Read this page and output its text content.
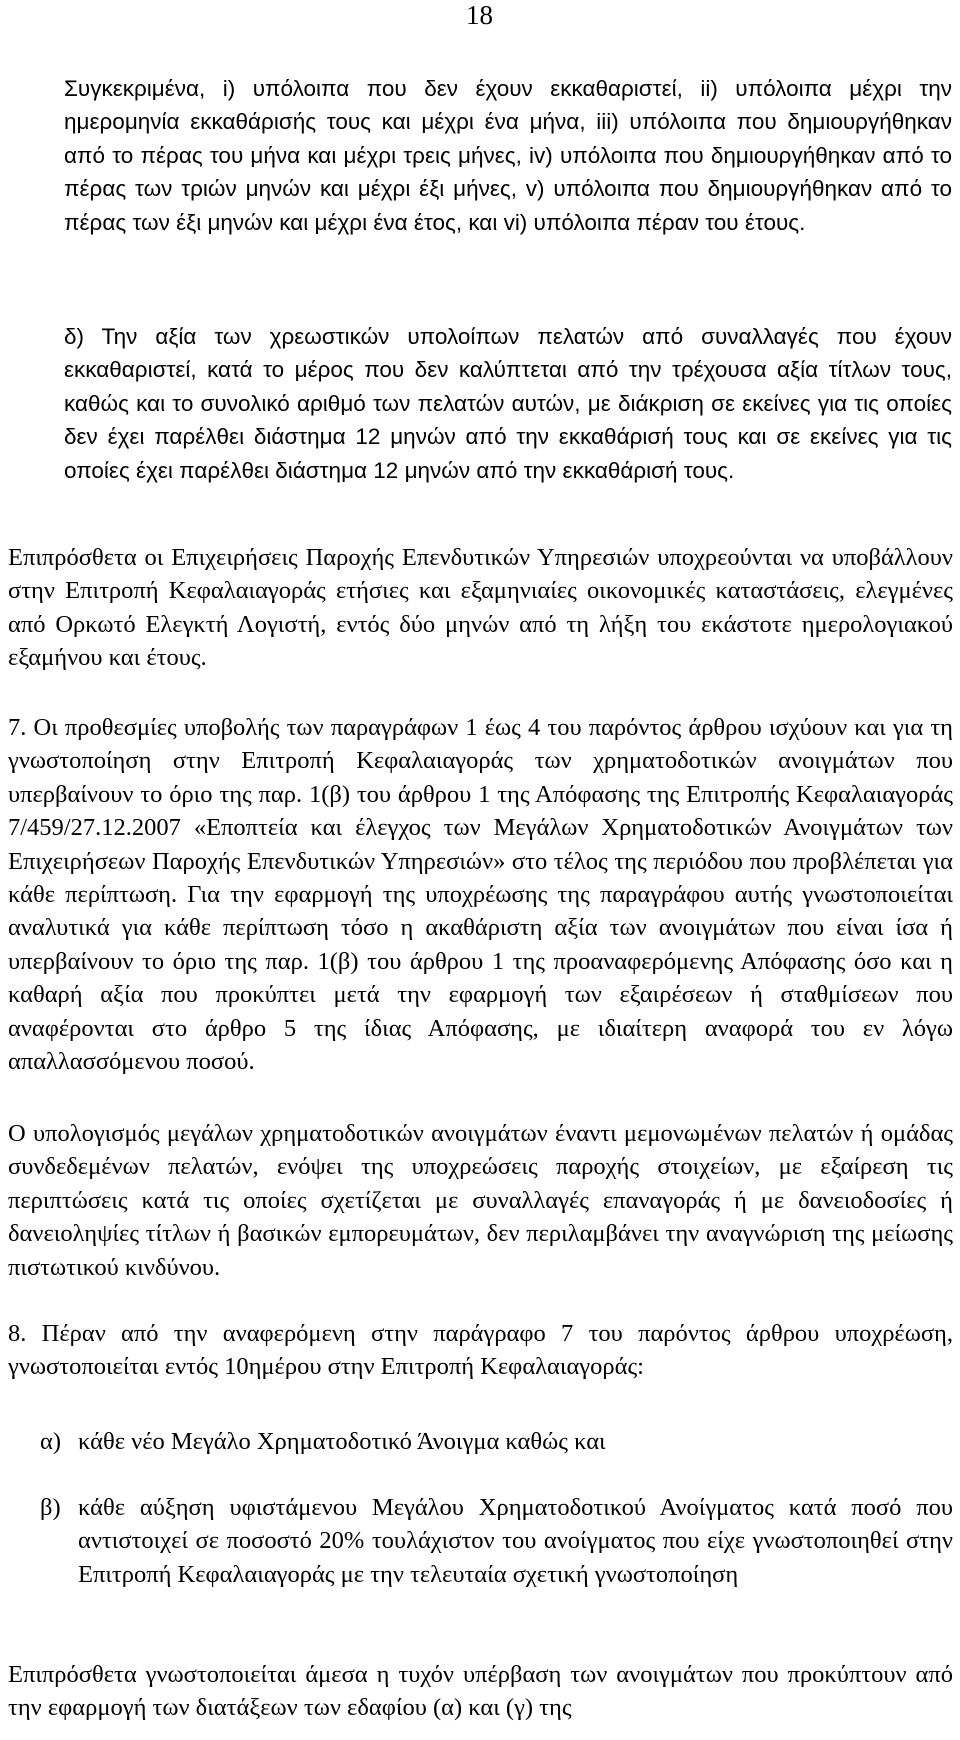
18

Συγκεκριμένα, i) υπόλοιπα που δεν έχουν εκκαθαριστεί, ii) υπόλοιπα μέχρι την ημερομηνία εκκαθάρισής τους και μέχρι ένα μήνα, iii) υπόλοιπα που δημιουργήθηκαν από το πέρας του μήνα και μέχρι τρεις μήνες, iv) υπόλοιπα που δημιουργήθηκαν από το πέρας των τριών μηνών και μέχρι έξι μήνες, v) υπόλοιπα που δημιουργήθηκαν από το πέρας των έξι μηνών και μέχρι ένα έτος, και vi) υπόλοιπα πέραν του έτους.

δ) Την αξία των χρεωστικών υπολοίπων πελατών από συναλλαγές που έχουν εκκαθαριστεί, κατά το μέρος που δεν καλύπτεται από την τρέχουσα αξία τίτλων τους, καθώς και το συνολικό αριθμό των πελατών αυτών, με διάκριση σε εκείνες για τις οποίες δεν έχει παρέλθει διάστημα 12 μηνών από την εκκαθάρισή τους και σε εκείνες για τις οποίες έχει παρέλθει διάστημα 12 μηνών από την εκκαθάρισή τους.

Επιπρόσθετα οι Επιχειρήσεις Παροχής Επενδυτικών Υπηρεσιών υποχρεούνται να υποβάλλουν στην Επιτροπή Κεφαλαιαγοράς ετήσιες και εξαμηνιαίες οικονομικές καταστάσεις, ελεγμένες από Ορκωτό Ελεγκτή Λογιστή, εντός δύο μηνών από τη λήξη του εκάστοτε ημερολογιακού εξαμήνου και έτους.

7. Οι προθεσμίες υποβολής των παραγράφων 1 έως 4 του παρόντος άρθρου ισχύουν και για τη γνωστοποίηση στην Επιτροπή Κεφαλαιαγοράς των χρηματοδοτικών ανοιγμάτων που υπερβαίνουν το όριο της παρ. 1(β) του άρθρου 1 της Απόφασης της Επιτροπής Κεφαλαιαγοράς 7/459/27.12.2007 «Εποπτεία και έλεγχος των Μεγάλων Χρηματοδοτικών Ανοιγμάτων των Επιχειρήσεων Παροχής Επενδυτικών Υπηρεσιών» στο τέλος της περιόδου που προβλέπεται για κάθε περίπτωση. Για την εφαρμογή της υποχρέωσης της παραγράφου αυτής γνωστοποιείται αναλυτικά για κάθε περίπτωση τόσο η ακαθάριστη αξία των ανοιγμάτων που είναι ίσα ή υπερβαίνουν το όριο της παρ. 1(β) του άρθρου 1 της προαναφερόμενης Απόφασης όσο και η καθαρή αξία που προκύπτει μετά την εφαρμογή των εξαιρέσεων ή σταθμίσεων που αναφέρονται στο άρθρο 5 της ίδιας Απόφασης, με ιδιαίτερη αναφορά του εν λόγω απαλλασσόμενου ποσού.

Ο υπολογισμός μεγάλων χρηματοδοτικών ανοιγμάτων έναντι μεμονωμένων πελατών ή ομάδας συνδεδεμένων πελατών, ενόψει της υποχρεώσεις παροχής στοιχείων, με εξαίρεση τις περιπτώσεις κατά τις οποίες σχετίζεται με συναλλαγές επαναγοράς ή με δανειοδοσίες ή δανειοληψίες τίτλων ή βασικών εμπορευμάτων, δεν περιλαμβάνει την αναγνώριση της μείωσης πιστωτικού κινδύνου.

8. Πέραν από την αναφερόμενη στην παράγραφο 7 του παρόντος άρθρου υποχρέωση, γνωστοποιείται εντός 10ημέρου στην Επιτροπή Κεφαλαιαγοράς:

α) κάθε νέο Μεγάλο Χρηματοδοτικό Άνοιγμα καθώς και
β) κάθε αύξηση υφιστάμενου Μεγάλου Χρηματοδοτικού Ανοίγματος κατά ποσό που αντιστοιχεί σε ποσοστό 20% τουλάχιστον του ανοίγματος που είχε γνωστοποιηθεί στην Επιτροπή Κεφαλαιαγοράς με την τελευταία σχετική γνωστοποίηση

Επιπρόσθετα γνωστοποιείται άμεσα η τυχόν υπέρβαση των ανοιγμάτων που προκύπτουν από την εφαρμογή των διατάξεων των εδαφίου (α) και (γ) της
